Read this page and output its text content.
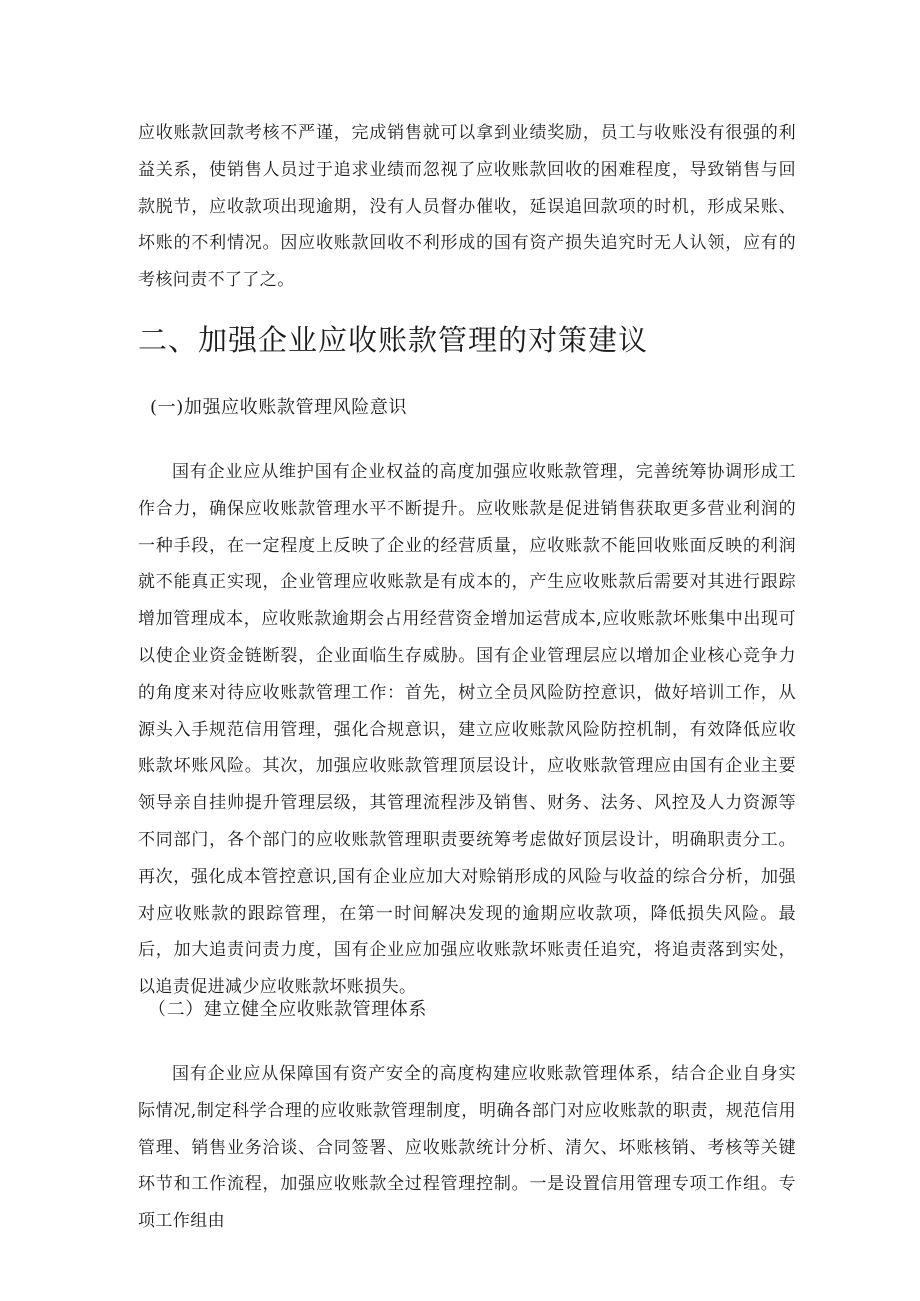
应收账款回款考核不严谨，完成销售就可以拿到业绩奖励，员工与收账没有很强的利益关系，使销售人员过于追求业绩而忽视了应收账款回收的困难程度，导致销售与回款脱节，应收款项出现逾期，没有人员督办催收，延误追回款项的时机，形成呆账、坏账的不利情况。因应收账款回收不利形成的国有资产损失追究时无人认领，应有的考核问责不了了之。

二、加强企业应收账款管理的对策建议
(一)加强应收账款管理风险意识

国有企业应从维护国有企业权益的高度加强应收账款管理，完善统筹协调形成工作合力，确保应收账款管理水平不断提升。应收账款是促进销售获取更多营业利润的一种手段，在一定程度上反映了企业的经营质量，应收账款不能回收账面反映的利润就不能真正实现，企业管理应收账款是有成本的，产生应收账款后需要对其进行跟踪增加管理成本，应收账款逾期会占用经营资金增加运营成本,应收账款坏账集中出现可以使企业资金链断裂，企业面临生存威胁。国有企业管理层应以增加企业核心竞争力的角度来对待应收账款管理工作：首先，树立全员风险防控意识，做好培训工作，从源头入手规范信用管理，强化合规意识，建立应收账款风险防控机制，有效降低应收账款坏账风险。其次，加强应收账款管理顶层设计，应收账款管理应由国有企业主要领导亲自挂帅提升管理层级，其管理流程涉及销售、财务、法务、风控及人力资源等不同部门，各个部门的应收账款管理职责要统筹考虑做好顶层设计，明确职责分工。再次，强化成本管控意识,国有企业应加大对赊销形成的风险与收益的综合分析，加强对应收账款的跟踪管理，在第一时间解决发现的逾期应收款项，降低损失风险。最后，加大追责问责力度，国有企业应加强应收账款坏账责任追究，将追责落到实处，以追责促进减少应收账款坏账损失。

（二）建立健全应收账款管理体系

国有企业应从保障国有资产安全的高度构建应收账款管理体系，结合企业自身实际情况,制定科学合理的应收账款管理制度，明确各部门对应收账款的职责，规范信用管理、销售业务洽谈、合同签署、应收账款统计分析、清欠、坏账核销、考核等关键环节和工作流程，加强应收账款全过程管理控制。一是设置信用管理专项工作组。专项工作组由
